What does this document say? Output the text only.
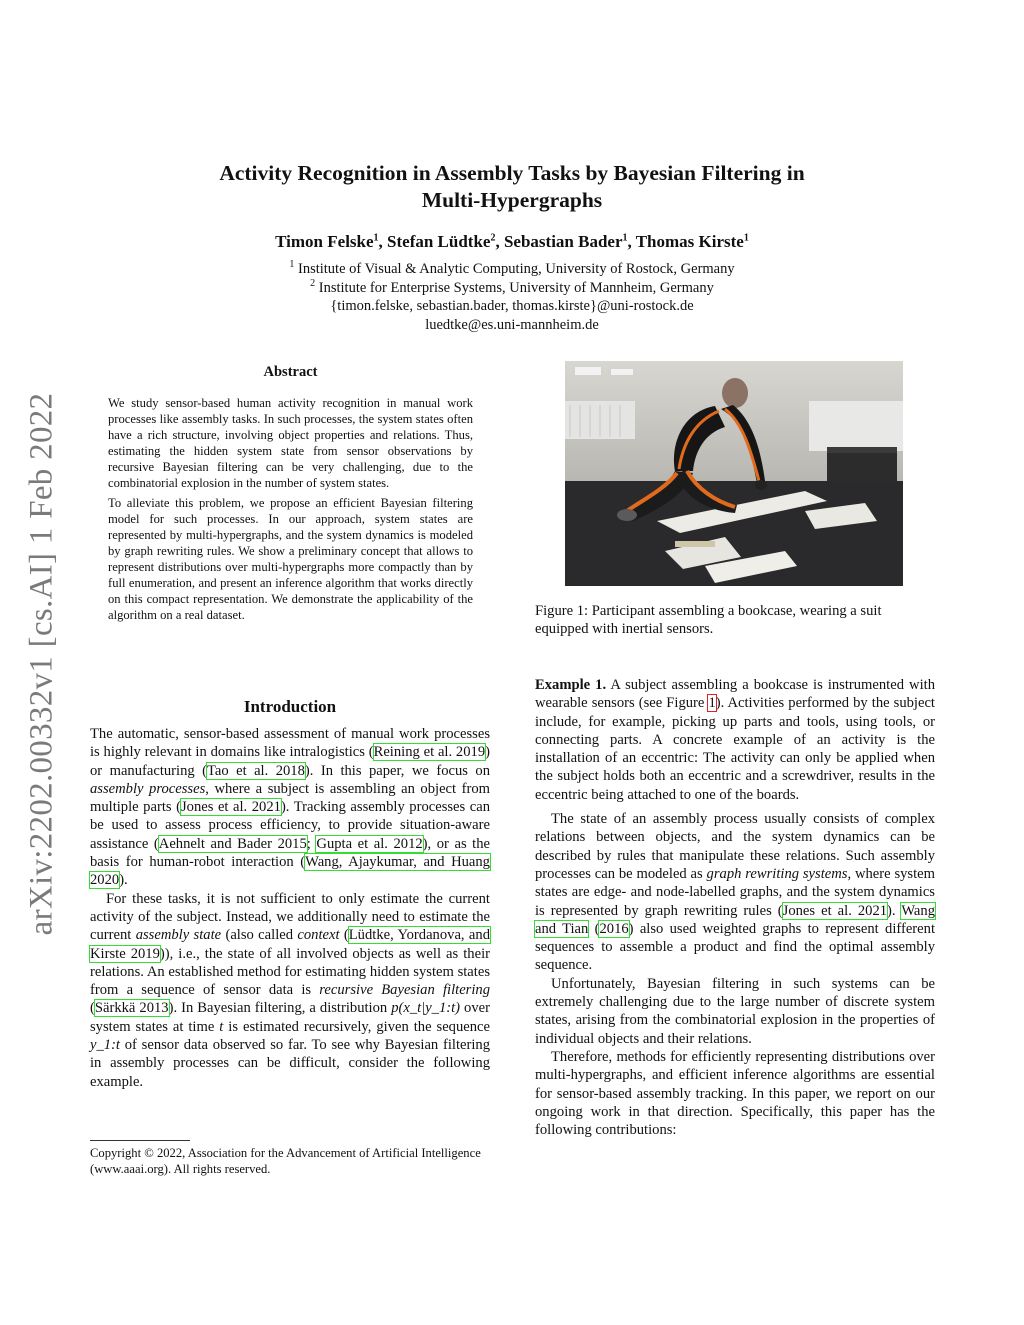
arXiv:2202.00332v1 [cs.AI] 1 Feb 2022
Activity Recognition in Assembly Tasks by Bayesian Filtering in
Multi-Hypergraphs
Timon Felske$^1$, Stefan Lüdtke$^2$, Sebastian Bader$^1$, Thomas Kirste$^1$
$^1$ Institute of Visual & Analytic Computing, University of Rostock, Germany
$^2$ Institute for Enterprise Systems, University of Mannheim, Germany
{timon.felske, sebastian.bader, thomas.kirste}@uni-rostock.de
luedtke@es.uni-mannheim.de
Abstract

We study sensor-based human activity recognition in manual work processes like assembly tasks. In such processes, the system states often have a rich structure, involving object properties and relations. Thus, estimating the hidden system state from sensor observations by recursive Bayesian filtering can be very challenging, due to the combinatorial explosion in the number of system states.

To alleviate this problem, we propose an efficient Bayesian filtering model for such processes. In our approach, system states are represented by multi-hypergraphs, and the system dynamics is modeled by graph rewriting rules. We show a preliminary concept that allows to represent distributions over multi-hypergraphs more compactly than by full enumeration, and present an inference algorithm that works directly on this compact representation. We demonstrate the applicability of the algorithm on a real dataset.

Introduction

The automatic, sensor-based assessment of manual work processes is highly relevant in domains like intralogistics (Reining et al. 2019) or manufacturing (Tao et al. 2018). In this paper, we focus on assembly processes, where a subject is assembling an object from multiple parts (Jones et al. 2021). Tracking assembly processes can be used to assess process efficiency, to provide situation-aware assistance (Aehnelt and Bader 2015; Gupta et al. 2012), or as the basis for human-robot interaction (Wang, Ajaykumar, and Huang 2020).

For these tasks, it is not sufficient to only estimate the current activity of the subject. Instead, we additionally need to estimate the current assembly state (also called context (Lüdtke, Yordanova, and Kirste 2019)), i.e., the state of all involved objects as well as their relations. An established method for estimating hidden system states from a sequence of sensor data is recursive Bayesian filtering (Särkkä 2013). In Bayesian filtering, a distribution p(x_t|y_1:t) over system states at time t is estimated recursively, given the sequence y_1:t of sensor data observed so far. To see why Bayesian filtering in assembly processes can be difficult, consider the following example.

Copyright © 2022, Association for the Advancement of Artificial Intelligence (www.aaai.org). All rights reserved.
Figure 1: Participant assembling a bookcase, wearing a suit equipped with inertial sensors.

Example 1. A subject assembling a bookcase is instrumented with wearable sensors (see Figure 1). Activities performed by the subject include, for example, picking up parts and tools, using tools, or connecting parts. A concrete example of an activity is the installation of an eccentric: The activity can only be applied when the subject holds both an eccentric and a screwdriver, results in the eccentric being attached to one of the boards.

The state of an assembly process usually consists of complex relations between objects, and the system dynamics can be described by rules that manipulate these relations. Such assembly processes can be modeled as graph rewriting systems, where system states are edge- and node-labelled graphs, and the system dynamics is represented by graph rewriting rules (Jones et al. 2021). Wang and Tian (2016) also used weighted graphs to represent different sequences to assemble a product and find the optimal assembly sequence.

Unfortunately, Bayesian filtering in such systems can be extremely challenging due to the large number of discrete system states, arising from the combinatorial explosion in the properties of individual objects and their relations.

Therefore, methods for efficiently representing distributions over multi-hypergraphs, and efficient inference algorithms are essential for sensor-based assembly tracking. In this paper, we report on our ongoing work in that direction. Specifically, this paper has the following contributions:
